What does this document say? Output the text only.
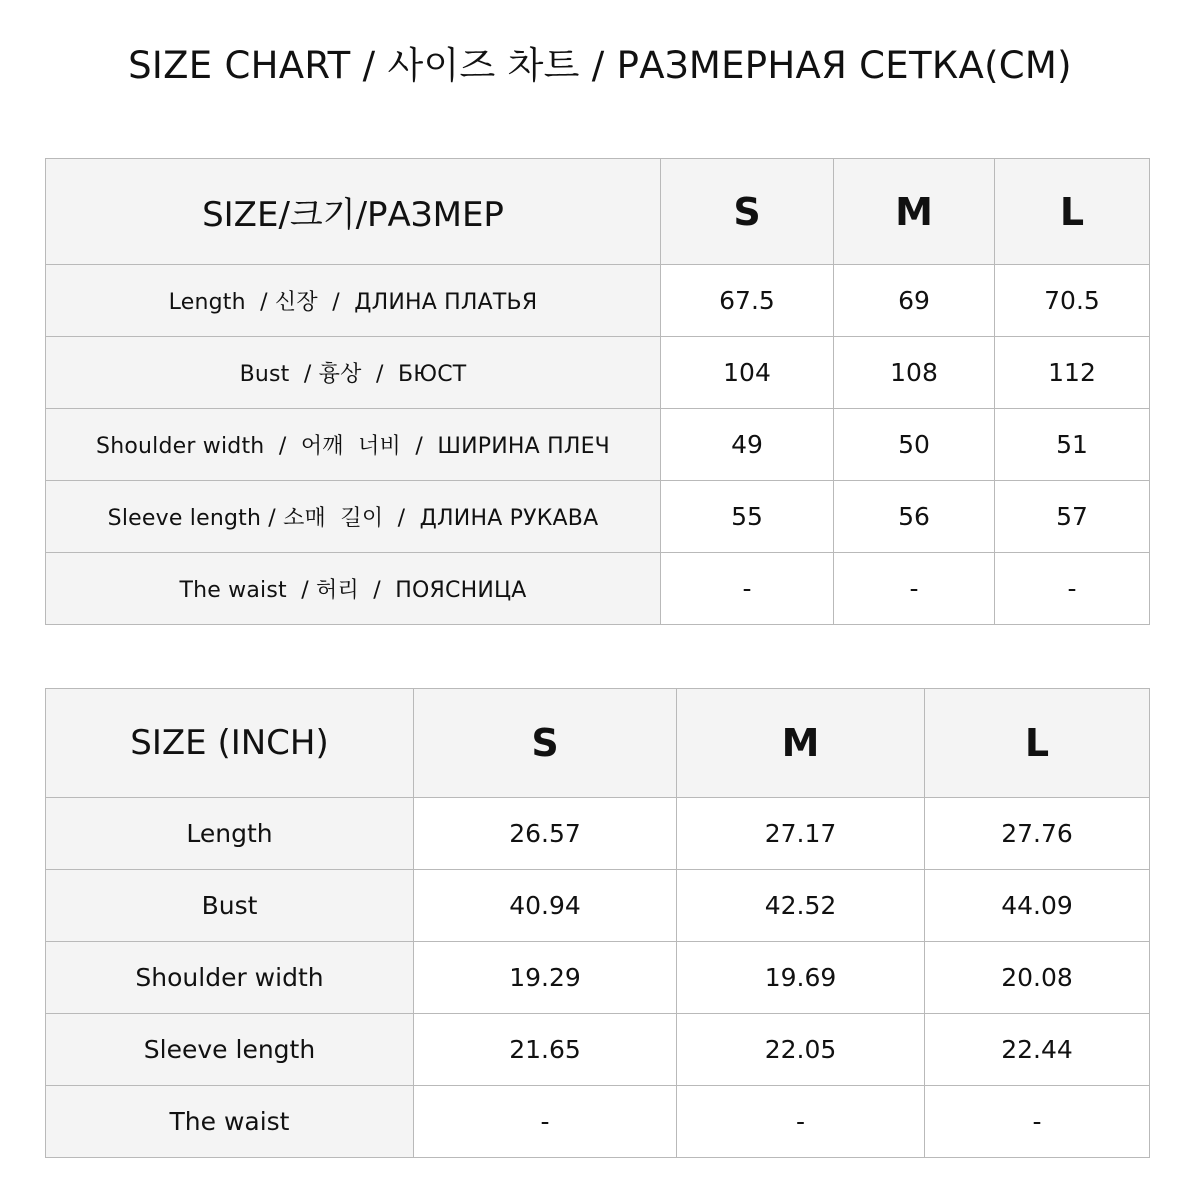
SIZE CHART / 사이즈 차트 / РАЗМЕРНАЯ СЕТКА(CM)
SIZE/크기/РАЗМЕР	S	M	L
Length  / 신장  /  ДЛИНА ПЛАТЬЯ	67.5	69	70.5
Bust  / 흉상  /  БЮСТ	104	108	112
Shoulder width  /  어깨  너비  /  ШИРИНА ПЛЕЧ	49	50	51
Sleeve length / 소매  길이  /  ДЛИНА РУКАВА	55	56	57
The waist  / 허리  /  ПОЯСНИЦА	-	-	-
SIZE (INCH)	S	M	L
Length	26.57	27.17	27.76
Bust	40.94	42.52	44.09
Shoulder width	19.29	19.69	20.08
Sleeve length	21.65	22.05	22.44
The waist	-	-	-
